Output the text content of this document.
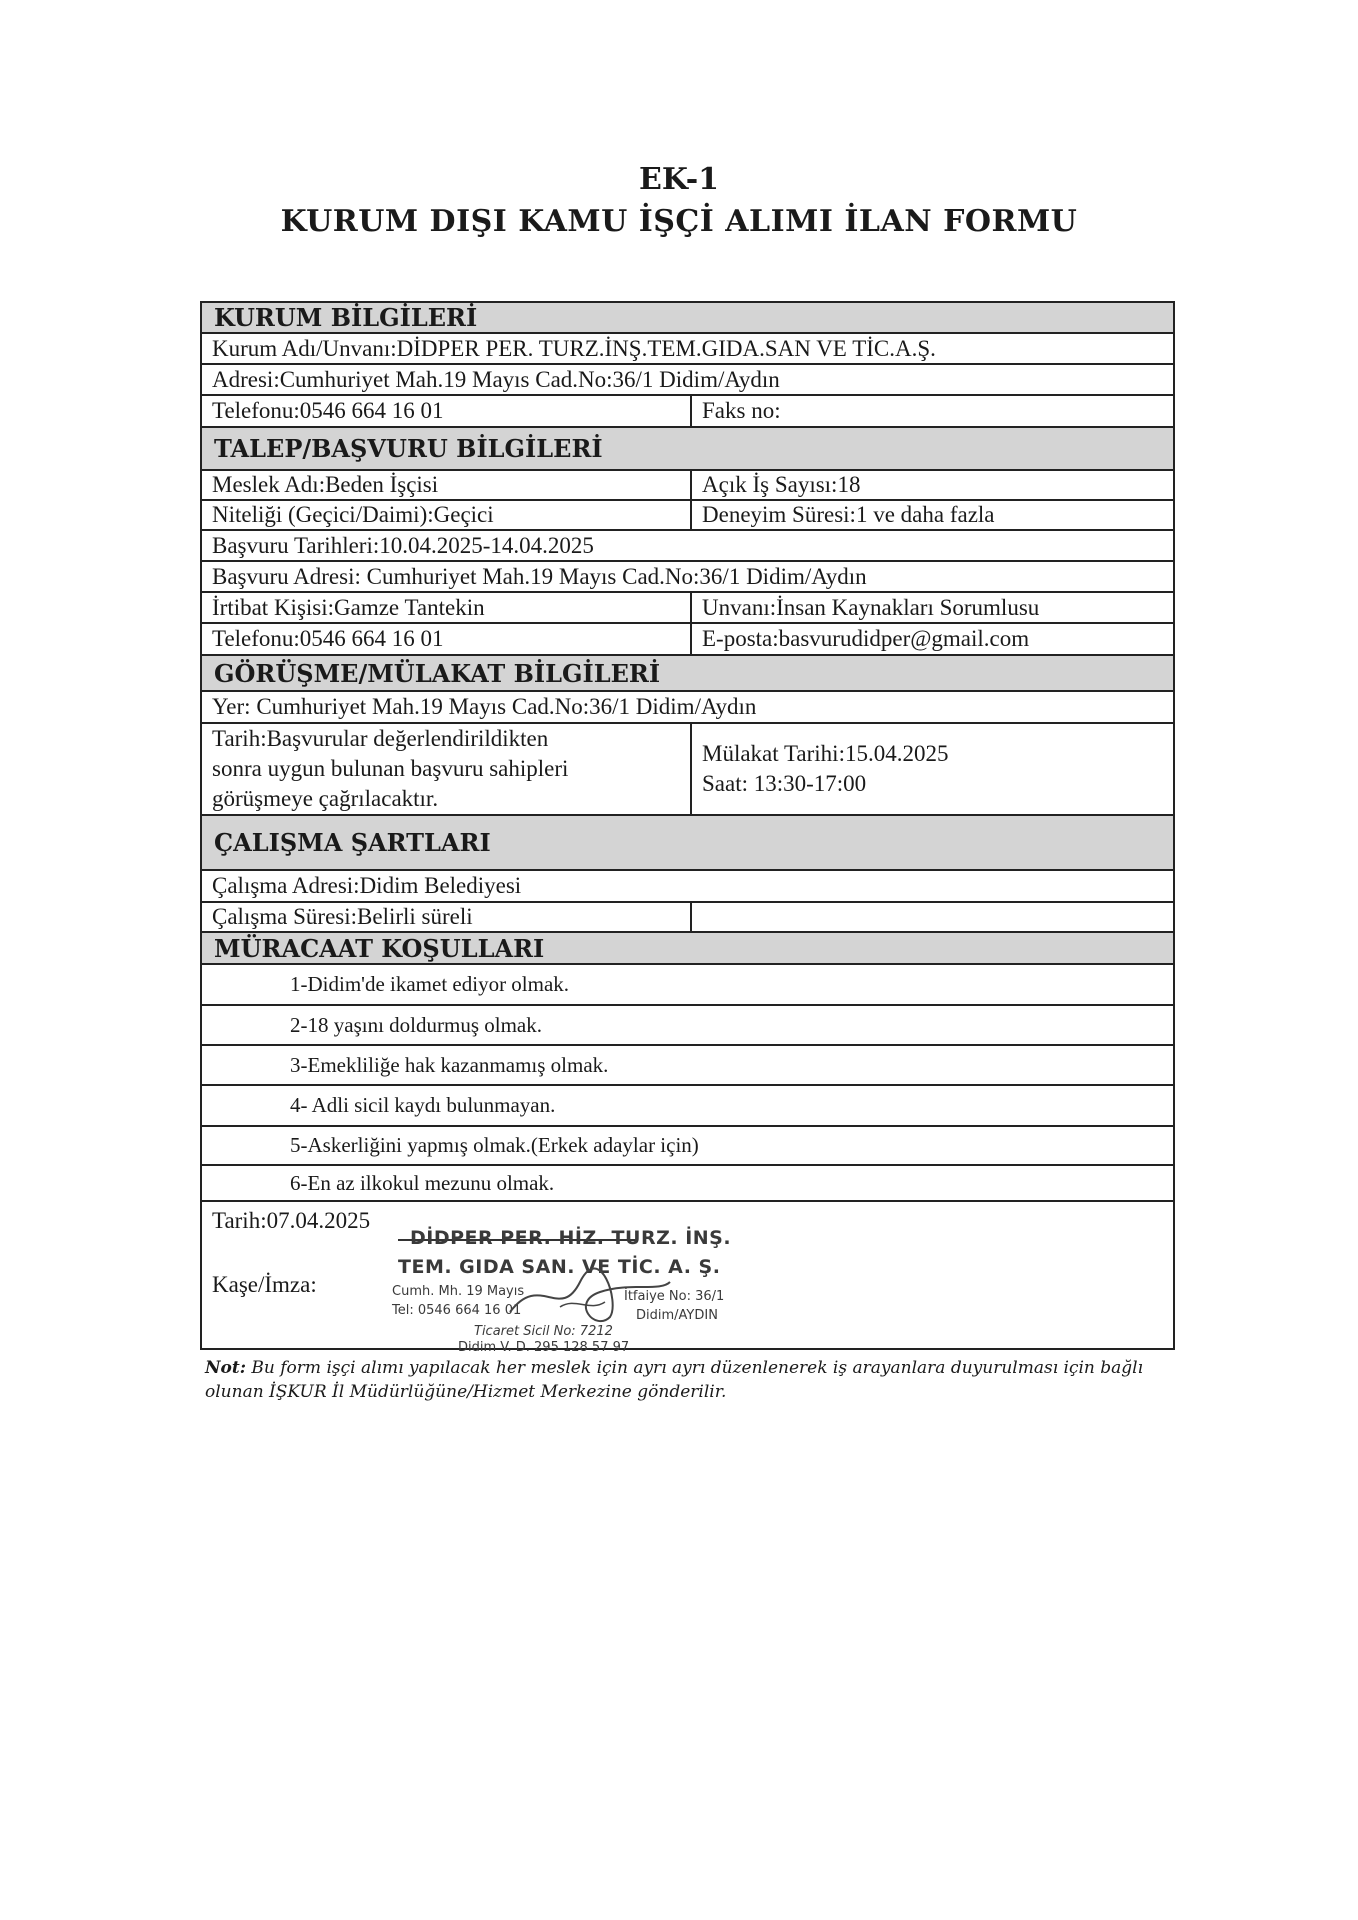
EK-1
KURUM DIŞI KAMU İŞÇİ ALIMI İLAN FORMU
KURUM BİLGİLERİ
Kurum Adı/Unvanı:DİDPER PER. TURZ.İNŞ.TEM.GIDA.SAN VE TİC.A.Ş.
Adresi:Cumhuriyet Mah.19 Mayıs Cad.No:36/1 Didim/Aydın
Telefonu:0546 664 16 01	Faks no:
TALEP/BAŞVURU BİLGİLERİ
Meslek Adı:Beden İşçisi	Açık İş Sayısı:18
Niteliği (Geçici/Daimi):Geçici	Deneyim Süresi:1 ve daha fazla
Başvuru Tarihleri:10.04.2025-14.04.2025
Başvuru Adresi: Cumhuriyet Mah.19 Mayıs Cad.No:36/1 Didim/Aydın
İrtibat Kişisi:Gamze Tantekin	Unvanı:İnsan Kaynakları Sorumlusu
Telefonu:0546 664 16 01	E-posta:basvurudidper@gmail.com
GÖRÜŞME/MÜLAKAT BİLGİLERİ
Yer: Cumhuriyet Mah.19 Mayıs Cad.No:36/1 Didim/Aydın
Tarih:Başvurular değerlendirildikten
sonra uygun bulunan başvuru sahipleri
görüşmeye çağrılacaktır.
Mülakat Tarihi:15.04.2025
Saat: 13:30-17:00
ÇALIŞMA ŞARTLARI
Çalışma Adresi:Didim Belediyesi
Çalışma Süresi:Belirli süreli
MÜRACAAT KOŞULLARI
1-Didim'de ikamet ediyor olmak.
2-18 yaşını doldurmuş olmak.
3-Emekliliğe hak kazanmamış olmak.
4- Adli sicil kaydı bulunmayan.
5-Askerliğini yapmış olmak.(Erkek adaylar için)
6-En az ilkokul mezunu olmak.
Tarih:07.04.2025
Kaşe/İmza:
DİDPER PER. HİZ. TURZ. İNŞ.
TEM. GIDA SAN. VE TİC. A. Ş.
Cumh. Mh. 19 Mayıs	İtfaiye No: 36/1
Tel: 0546 664 16 01	Didim/AYDIN
Ticaret Sicil No: 7212
Didim V. D. 295 128 57 97
Not: Bu form işçi alımı yapılacak her meslek için ayrı ayrı düzenlenerek iş arayanlara duyurulması için bağlı olunan İŞKUR İl Müdürlüğüne/Hizmet Merkezine gönderilir.
